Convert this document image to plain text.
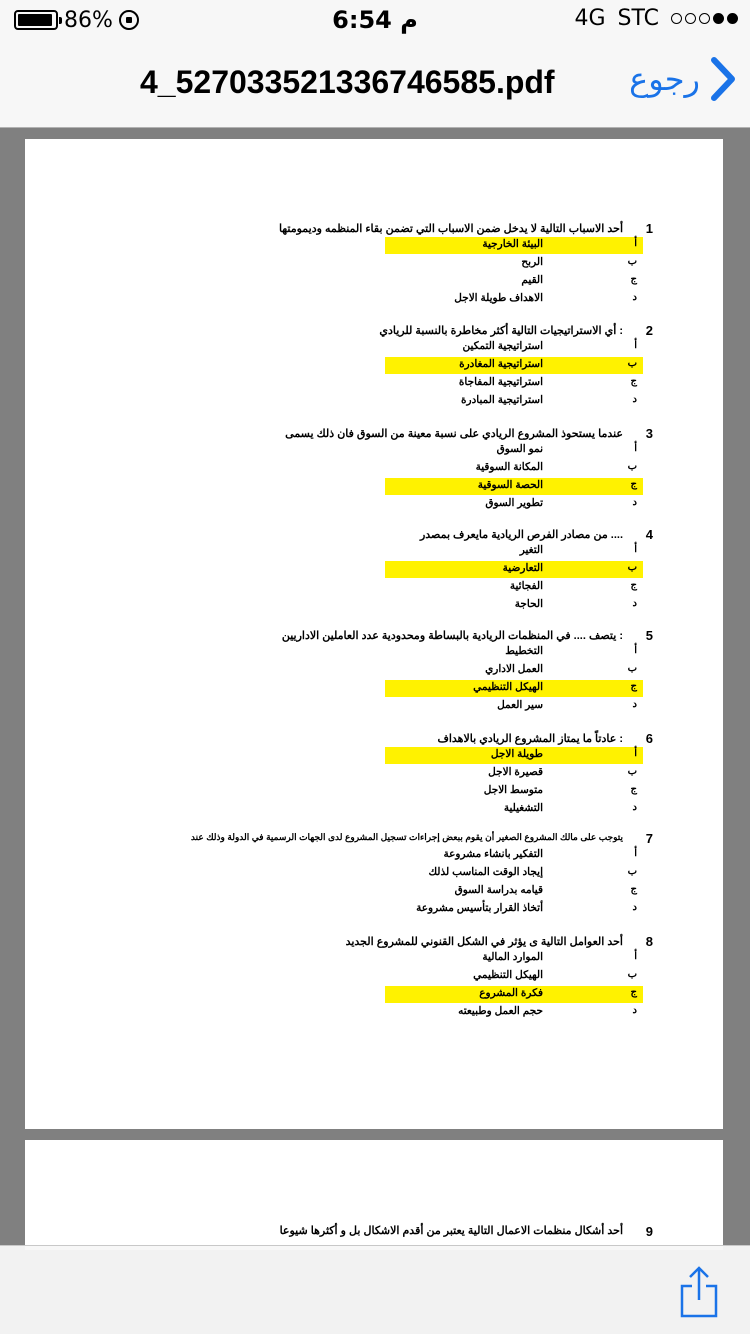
86%	6:54 م	4G STC
4_52703352133674658​5.pdf رجوع
1
أحد الاسباب التالية لا يدخل ضمن الاسباب التي تضمن بقاء المنظمه وديمومتها
أ
البيئة الخارجية
ب
الربح
ج
القيم
د
الاهداف طويلة الاجل
2
أي الاستراتيجيات التالية أكثر مخاطرة بالنسبة للريادي :
أ
استراتيجية التمكين
ب
استراتيجية المغادرة
ج
استراتيجية المفاجاة
د
استراتيجية المبادرة
3
عندما يستحوذ المشروع الريادي على نسبة معينة من السوق فان ذلك يسمى
أ
نمو السوق
ب
المكانة السوقية
ج
الحصة السوقية
د
تطوير السوق
4
من مصادر الفرص الريادية مايعرف بمصدر ....
أ
التغير
ب
التعارضية
ج
الفجائية
د
الحاجة
5
يتصف .... في المنظمات الريادية بالبساطة ومحدودية عدد العاملين الاداريين :
أ
التخطيط
ب
العمل الاداري
ج
الهيكل التنظيمي
د
سير العمل
6
عادتاً ما يمتاز المشروع الريادي بالاهداف :
أ
طويلة الاجل
ب
قصيرة الاجل
ج
متوسط الاجل
د
التشغيلية
7
يتوجب على مالك المشروع الصغير أن يقوم ببعض إجراءات تسجيل المشروع لدى الجهات الرسمية في الدولة وذلك عند
أ
التفكير بانشاء مشروعة
ب
إيجاد الوقت المناسب لذلك
ج
قيامه بدراسة السوق
د
أتخاذ القرار بتأسيس مشروعة
8
أحد العوامل التالية ى يؤثر في الشكل القنوني للمشروع الجديد
أ
الموارد المالية
ب
الهيكل التنظيمي
ج
فكرة المشروع
د
حجم العمل وطبيعته
9
أحد أشكال منظمات الاعمال التالية يعتبر من أقدم الاشكال بل و أكثرها شيوعا
